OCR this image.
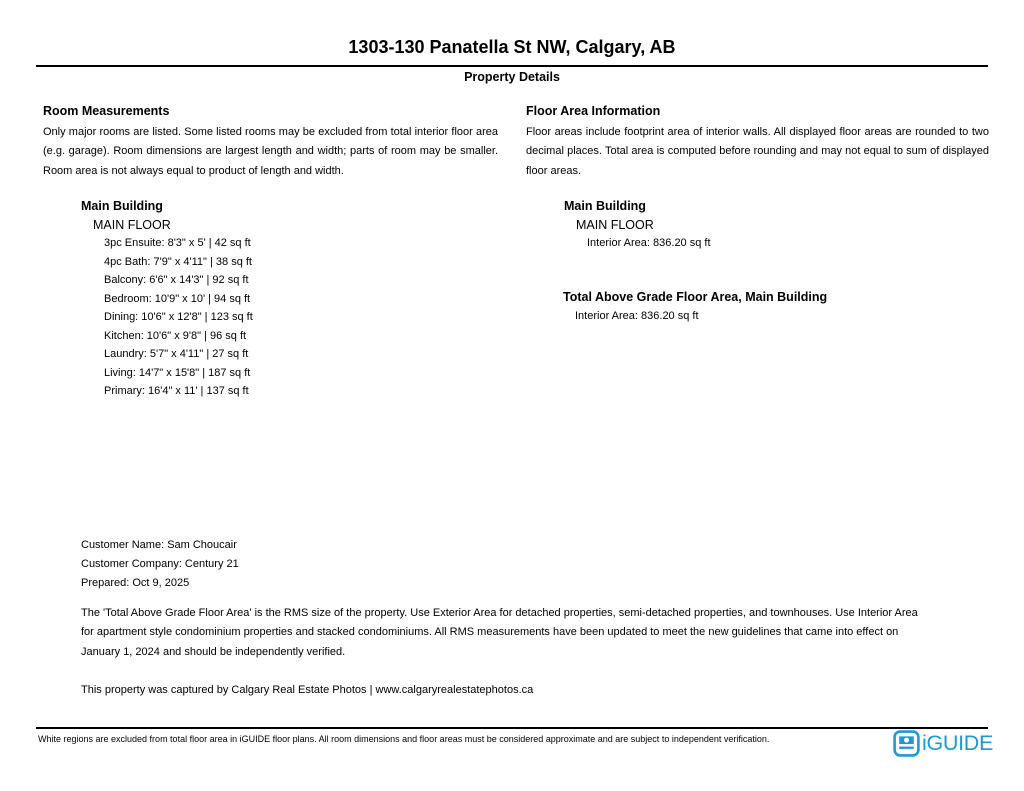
1303-130 Panatella St NW, Calgary, AB
Property Details
Room Measurements

Only major rooms are listed. Some listed rooms may be excluded from total interior floor area (e.g. garage). Room dimensions are largest length and width; parts of room may be smaller. Room area is not always equal to product of length and width.

Floor Area Information

Floor areas include footprint area of interior walls. All displayed floor areas are rounded to two decimal places. Total area is computed before rounding and may not equal to sum of displayed floor areas.

Main Building
MAIN FLOOR
3pc Ensuite: 8'3" x 5' | 42 sq ft
4pc Bath: 7'9" x 4'11" | 38 sq ft
Balcony: 6'6" x 14'3" | 92 sq ft
Bedroom: 10'9" x 10' | 94 sq ft
Dining: 10'6" x 12'8" | 123 sq ft
Kitchen: 10'6" x 9'8" | 96 sq ft
Laundry: 5'7" x 4'11" | 27 sq ft
Living: 14'7" x 15'8" | 187 sq ft
Primary: 16'4" x 11' | 137 sq ft
Main Building
MAIN FLOOR
Interior Area: 836.20 sq ft
Total Above Grade Floor Area, Main Building
Interior Area: 836.20 sq ft
Customer Name: Sam Choucair
Customer Company: Century 21
Prepared: Oct 9, 2025
The 'Total Above Grade Floor Area' is the RMS size of the property. Use Exterior Area for detached properties, semi-detached properties, and townhouses. Use Interior Area for apartment style condominium properties and stacked condominiums. All RMS measurements have been updated to meet the new guidelines that came into effect on January 1, 2024 and should be independently verified.
This property was captured by Calgary Real Estate Photos | www.calgaryrealestatephotos.ca
White regions are excluded from total floor area in iGUIDE floor plans. All room dimensions and floor areas must be considered approximate and are subject to independent verification.	iGUIDE
